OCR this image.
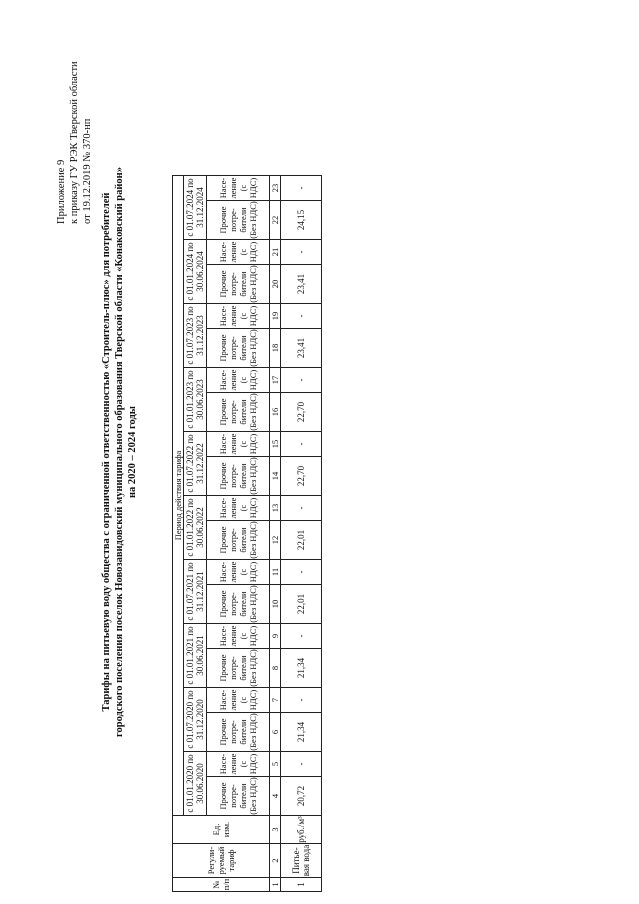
Приложение 9 к приказу ГУ РЭК Тверской области от 19.12.2019 № 370-нп
Тарифы на питьевую воду общества с ограниченной ответственностью «Строитель-плюс» для потребителей городского поселения поселок Новозавидовский муниципального образования Тверской области «Конаковский район» на 2020 – 2024 годы
№ п/п	Регули-руемый тариф	Ед. изм.	Период действия тарифа																			
			с 01.01.2020 по 30.06.2020		с 01.07.2020 по 31.12.2020		с 01.01.2021 по 30.06.2021		с 01.07.2021 по 31.12.2021		с 01.01.2022 по 30.06.2022		с 01.07.2022 по 31.12.2022		с 01.01.2023 по 30.06.2023		с 01.07.2023 по 31.12.2023		с 01.01.2024 по 30.06.2024		с 01.07.2024 по 31.12.2024	
			Прочие потре-бители (Без НДС)	Насе-ление (с НДС)	Прочие потре-бители (Без НДС)	Насе-ление (с НДС)	Прочие потре-бители (Без НДС)	Насе-ление (с НДС)	Прочие потре-бители (Без НДС)	Насе-ление (с НДС)	Прочие потре-бители (Без НДС)	Насе-ление (с НДС)	Прочие потре-бители (Без НДС)	Насе-ление (с НДС)	Прочие потре-бители (Без НДС)	Насе-ление (с НДС)	Прочие потре-бители (Без НДС)	Насе-ление (с НДС)	Прочие потре-бители (Без НДС)	Насе-ление (с НДС)	Прочие потре-бители (Без НДС)	Насе-ление (с НДС)
1	2	3	4	5	6	7	8	9	10	11	12	13	14	15	16	17	18	19	20	21	22	23
1	Питье-вая вода	руб./м³	20,72	-	21,34	-	21,34	-	22,01	-	22,01	-	22,70	-	22,70	-	23,41	-	23,41	-	24,15	-
